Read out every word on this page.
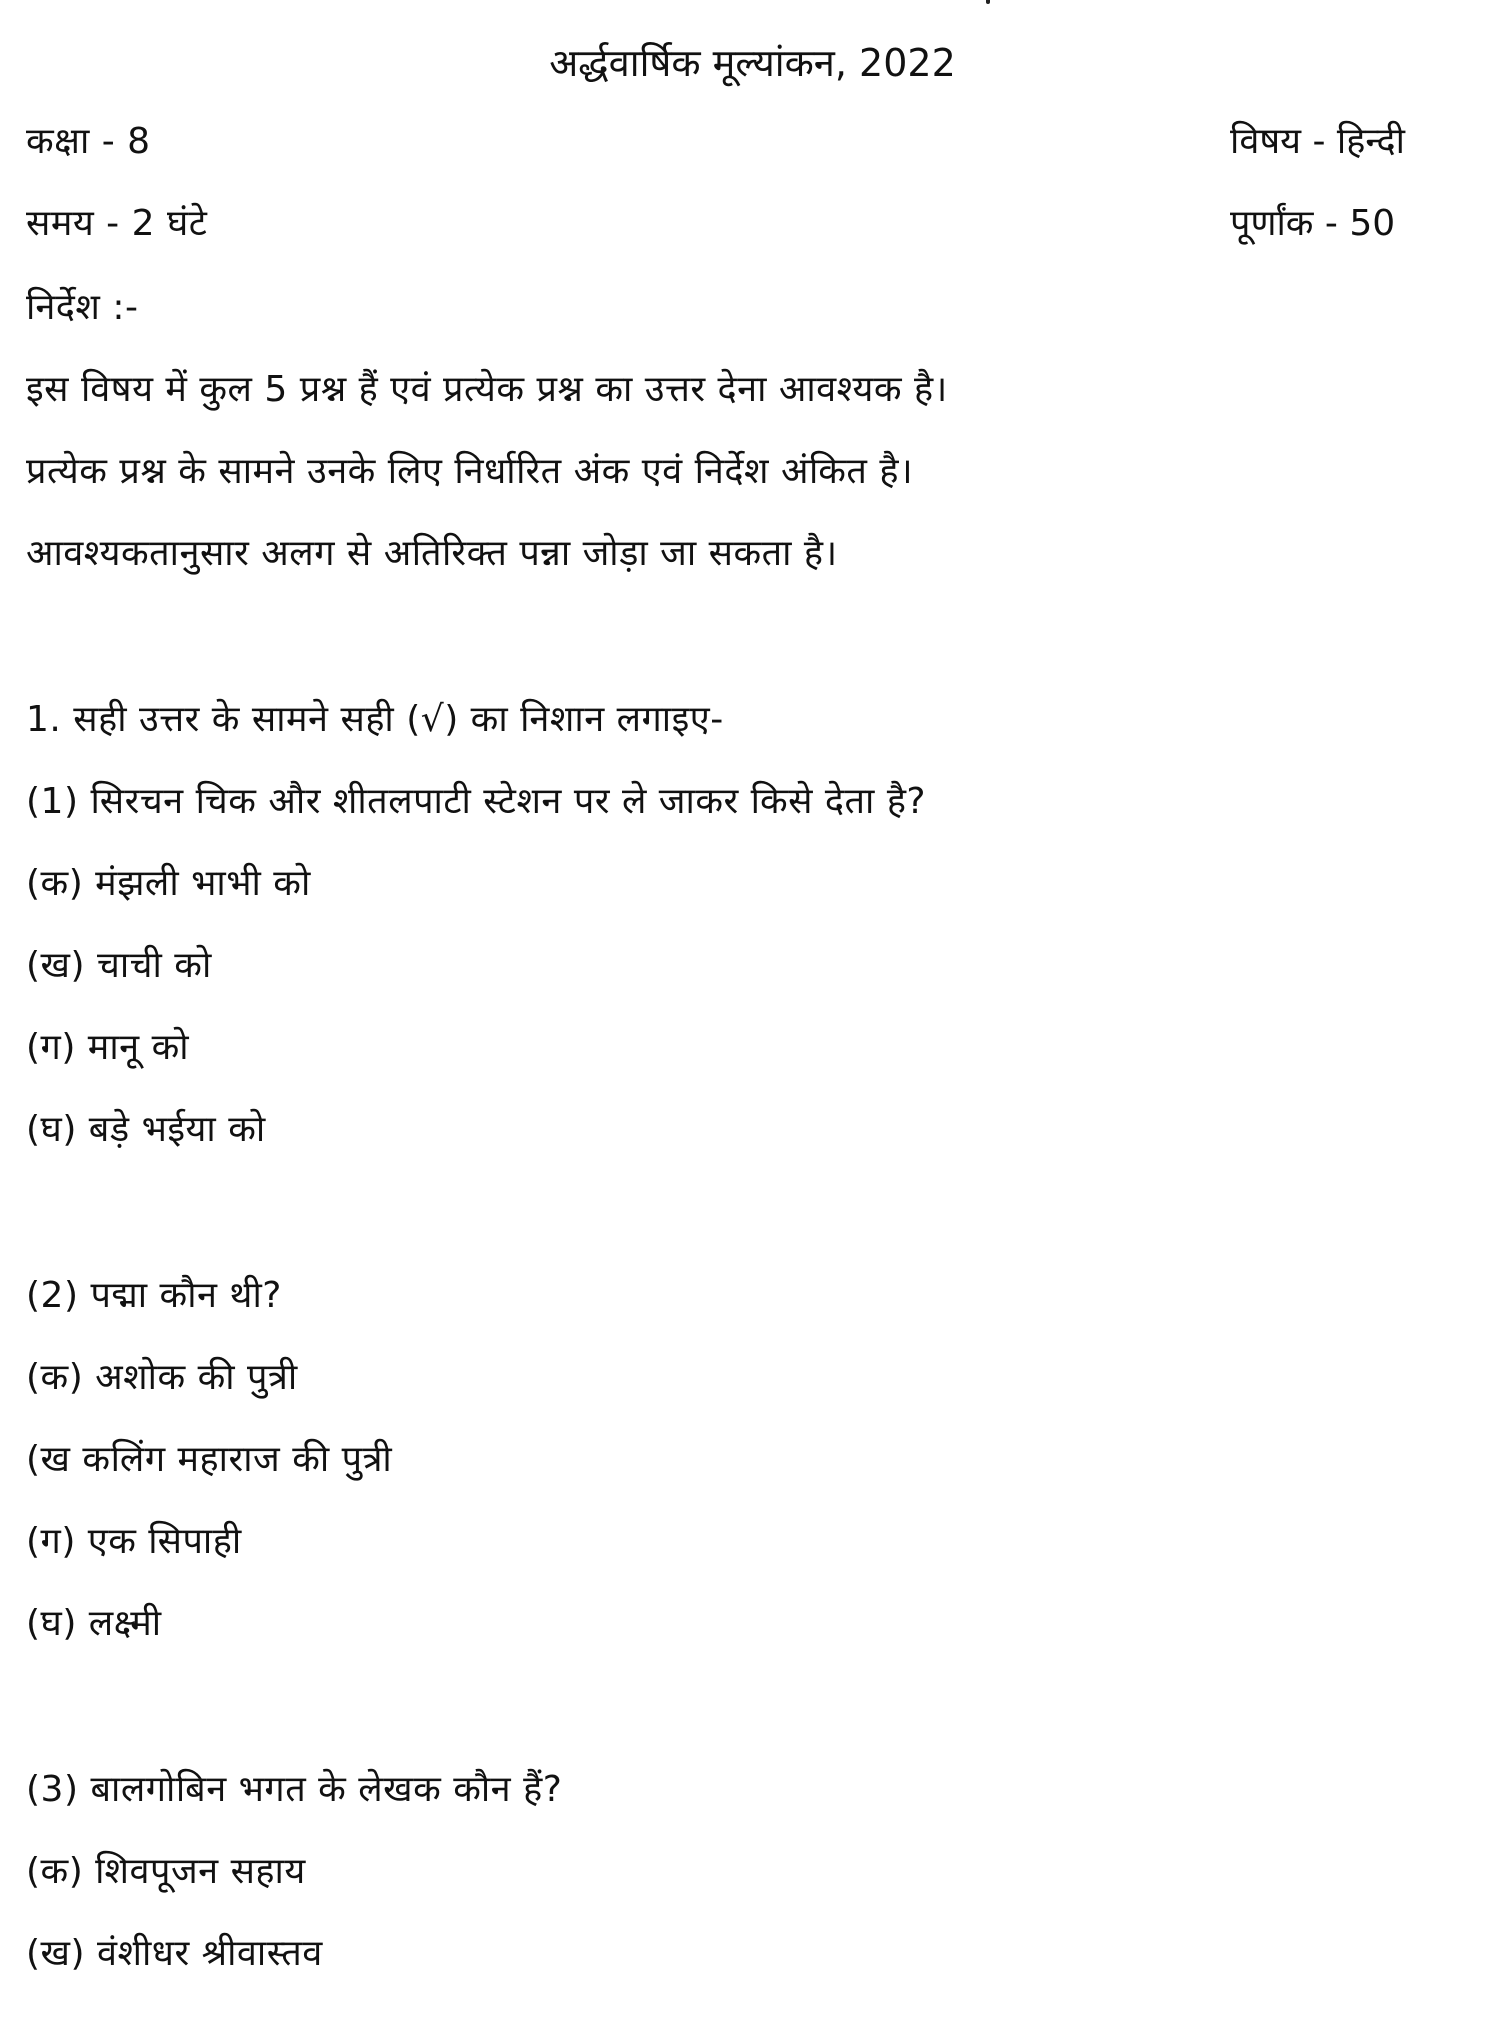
अर्द्धवार्षिक मूल्यांकन, 2022
कक्षा - 8	विषय - हिन्दी
समय - 2 घंटे	पूर्णांक - 50
निर्देश :-
इस विषय में कुल 5 प्रश्न हैं एवं प्रत्येक प्रश्न का उत्तर देना आवश्यक है।
प्रत्येक प्रश्न के सामने उनके लिए निर्धारित अंक एवं निर्देश अंकित है।
आवश्यकतानुसार अलग से अतिरिक्त पन्ना जोड़ा जा सकता है।
1. सही उत्तर के सामने सही (√) का निशान लगाइए-
(1) सिरचन चिक और शीतलपाटी स्टेशन पर ले जाकर किसे देता है?
(क) मंझली भाभी को
(ख) चाची को
(ग) मानू को
(घ) बड़े भईया को
(2) पद्मा कौन थी?
(क) अशोक की पुत्री
(ख कलिंग महाराज की पुत्री
(ग) एक सिपाही
(घ) लक्ष्मी
(3) बालगोबिन भगत के लेखक कौन हैं?
(क) शिवपूजन सहाय
(ख) वंशीधर श्रीवास्तव
